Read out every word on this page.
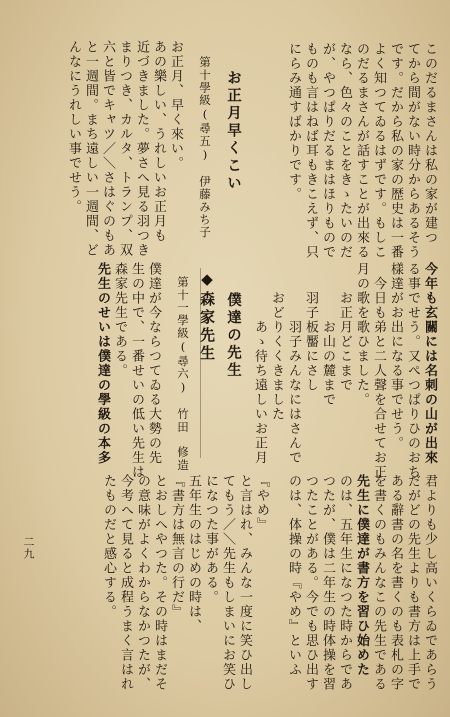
このだるまさんは私の家が建つ
てから間がない時分からあるそう
です。だから私の家の歴史は一番
よく知つてゐるはずです。もしこ
のだるまさんが話すことが出來る
なら、色々のことをきゝたいのだ
が、やつぱりだるまはほりもので
ものも言はねば耳もきこえず、只
にらみ通すばかりです。
お正月早くこい
第十學級(尋五)　伊藤みち子
お正月、早く來い。
あの樂しい、うれしいお正月も
近づきました。夢さへ見る羽つき
まりつき、カルタ、トランプ、双
六と皆でキャツ／＼さはぐのもあ
と一週間。まち遠しい一週間、ど
んなにうれしい事でせう。
今年も玄關には名刺の山が出來
る事でせう。又ぺつぱりひのおち
樣達がお出になる事でせう。
　今日も弟と二人聲を合せてお正
月の歌を歌ひました。
　　お正月どこまで
　　　　お山の麓まで
　　羽子板靨にさし
　　　　羽子みんなにはさんで
　　おどりくくきました
　　　　あゝ待ち遠しいお正月
僕達の先生
◆森家先生
第十一學級(尋六)　竹田　修造
僕達が今ならつてゐる大勢の先
生の中で、一番せいの低い先生は
森家先生である。
先生のせいは僕達の學級の本多
君よりも少し高いくらゐであらう
だがどの先生よりも書方は上手で
ある辭書の名を書くのも表札の字
を書くのもみんなこの先生である
先生に僕達が書方を習ひ始めた
のは、五年生になつた時からであ
つたが、僕は二年生の時体操を習
つたことがある。今でも思ひ出す
のは、体操の時『やめ』といふ
『やめ』
と言はれ、みんな一度に笑ひ出し
てもう／＼先生もしまいにお笑ひ
になつた事がある。
五年生のはじめの時は、
『書方は無言の行だ』
とおしへやつた。その時はまだそ
の意味がよくわからなかつたが、
今考へて見ると成程うまく言はれ
たものだと感心する。
二九
